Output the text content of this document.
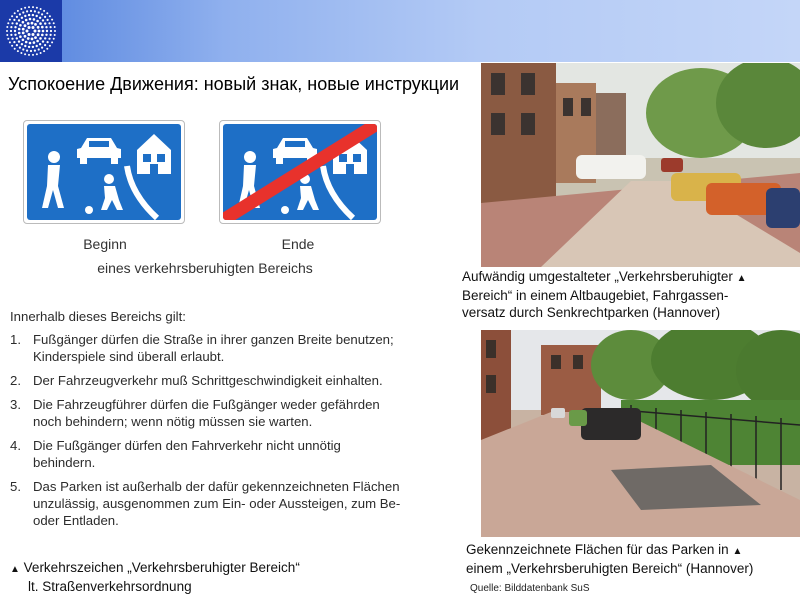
Успокоение Движения: новый знак, новые инструкции
Beginn	Ende
eines verkehrsberuhigten Bereichs
Innerhalb dieses Bereichs gilt:
1. Fußgänger dürfen die Straße in ihrer ganzen Breite benutzen; Kinderspiele sind überall erlaubt.
2. Der Fahrzeugverkehr muß Schrittgeschwindigkeit einhalten.
3. Die Fahrzeugführer dürfen die Fußgänger weder gefährden noch behindern; wenn nötig müssen sie warten.
4. Die Fußgänger dürfen den Fahrverkehr nicht unnötig behindern.
5. Das Parken ist außerhalb der dafür gekennzeichneten Flächen unzulässig, ausgenommen zum Ein- oder Aussteigen, zum Be- oder Entladen.
▲ Verkehrszeichen „Verkehrsberuhigter Bereich“
lt. Straßenverkehrsordnung
Aufwändig umgestalteter „Verkehrsberuhigter ▲
Bereich“ in einem Altbaugebiet, Fahrgassen-
versatz durch Senkrechtparken (Hannover)
Gekennzeichnete Flächen für das Parken in ▲
einem „Verkehrsberuhigten Bereich“ (Hannover)
Quelle: Bilddatenbank SuS
